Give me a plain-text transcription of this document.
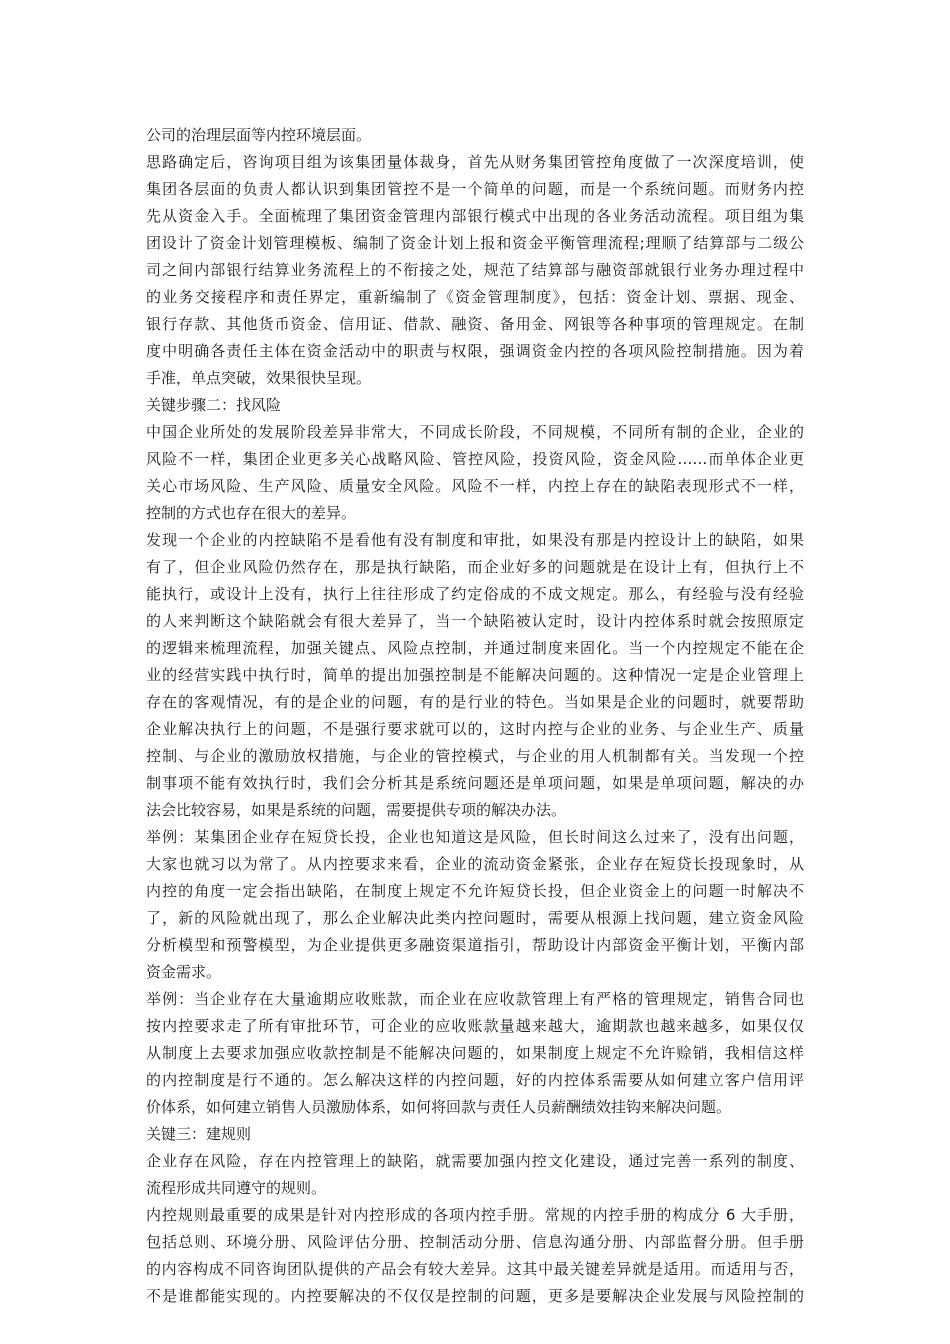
公司的治理层面等内控环境层面。
思路确定后，咨询项目组为该集团量体裁身，首先从财务集团管控角度做了一次深度培训，使
集团各层面的负责人都认识到集团管控不是一个简单的问题，而是一个系统问题。而财务内控
先从资金入手。全面梳理了集团资金管理内部银行模式中出现的各业务活动流程。项目组为集
团设计了资金计划管理模板、编制了资金计划上报和资金平衡管理流程;理顺了结算部与二级公
司之间内部银行结算业务流程上的不衔接之处，规范了结算部与融资部就银行业务办理过程中
的业务交接程序和责任界定，重新编制了《资金管理制度》，包括：资金计划、票据、现金、
银行存款、其他货币资金、信用证、借款、融资、备用金、网银等各种事项的管理规定。在制
度中明确各责任主体在资金活动中的职责与权限，强调资金内控的各项风险控制措施。因为着
手准，单点突破，效果很快呈现。
关键步骤二：找风险
中国企业所处的发展阶段差异非常大，不同成长阶段，不同规模，不同所有制的企业，企业的
风险不一样，集团企业更多关心战略风险、管控风险，投资风险，资金风险……而单体企业更
关心市场风险、生产风险、质量安全风险。风险不一样，内控上存在的缺陷表现形式不一样，
控制的方式也存在很大的差异。
发现一个企业的内控缺陷不是看他有没有制度和审批，如果没有那是内控设计上的缺陷，如果
有了，但企业风险仍然存在，那是执行缺陷，而企业好多的问题就是在设计上有，但执行上不
能执行，或设计上没有，执行上往往形成了约定俗成的不成文规定。那么，有经验与没有经验
的人来判断这个缺陷就会有很大差异了，当一个缺陷被认定时，设计内控体系时就会按照原定
的逻辑来梳理流程，加强关键点、风险点控制，并通过制度来固化。当一个内控规定不能在企
业的经营实践中执行时，简单的提出加强控制是不能解决问题的。这种情况一定是企业管理上
存在的客观情况，有的是企业的问题，有的是行业的特色。当如果是企业的问题时，就要帮助
企业解决执行上的问题，不是强行要求就可以的，这时内控与企业的业务、与企业生产、质量
控制、与企业的激励放权措施，与企业的管控模式，与企业的用人机制都有关。当发现一个控
制事项不能有效执行时，我们会分析其是系统问题还是单项问题，如果是单项问题，解决的办
法会比较容易，如果是系统的问题，需要提供专项的解决办法。
举例：某集团企业存在短贷长投，企业也知道这是风险，但长时间这么过来了，没有出问题，
大家也就习以为常了。从内控要求来看，企业的流动资金紧张，企业存在短贷长投现象时，从
内控的角度一定会指出缺陷，在制度上规定不允许短贷长投，但企业资金上的问题一时解决不
了，新的风险就出现了，那么企业解决此类内控问题时，需要从根源上找问题，建立资金风险
分析模型和预警模型，为企业提供更多融资渠道指引，帮助设计内部资金平衡计划，平衡内部
资金需求。
举例：当企业存在大量逾期应收账款，而企业在应收款管理上有严格的管理规定，销售合同也
按内控要求走了所有审批环节，可企业的应收账款量越来越大，逾期款也越来越多，如果仅仅
从制度上去要求加强应收款控制是不能解决问题的，如果制度上规定不允许赊销，我相信这样
的内控制度是行不通的。怎么解决这样的内控问题，好的内控体系需要从如何建立客户信用评
价体系，如何建立销售人员激励体系，如何将回款与责任人员薪酬绩效挂钩来解决问题。
关键三：建规则
企业存在风险，存在内控管理上的缺陷，就需要加强内控文化建设，通过完善一系列的制度、
流程形成共同遵守的规则。
内控规则最重要的成果是针对内控形成的各项内控手册。常规的内控手册的构成分 6 大手册，
包括总则、环境分册、风险评估分册、控制活动分册、信息沟通分册、内部监督分册。但手册
的内容构成不同咨询团队提供的产品会有较大差异。这其中最关键差异就是适用。而适用与否，
不是谁都能实现的。内控要解决的不仅仅是控制的问题，更多是要解决企业发展与风险控制的
